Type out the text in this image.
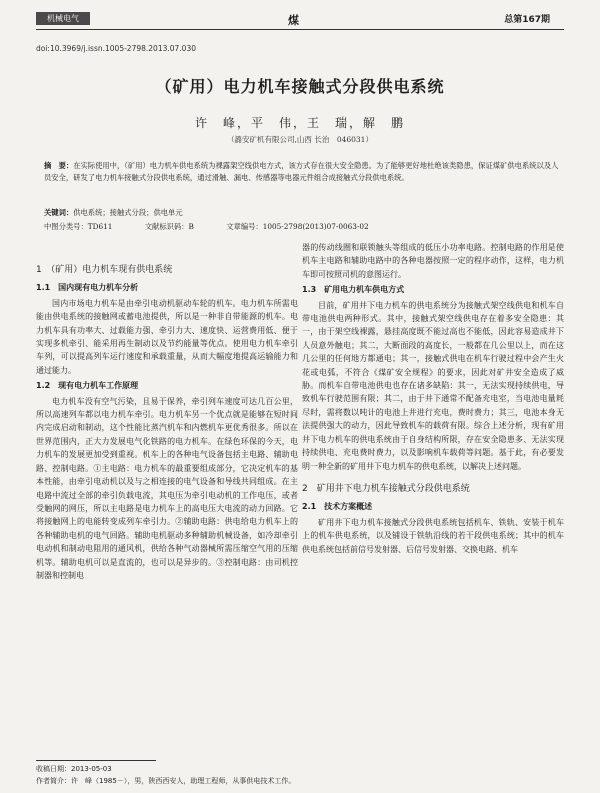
机械电气	煤	总第167期
doi:10.3969/j.issn.1005-2798.2013.07.030
（矿用）电力机车接触式分段供电系统
许　峰，平　伟，王　瑞，解　鹏
（潞安矿机有限公司,山西 长治　046031）
摘　要：在实际使用中，（矿用）电力机车供电系统为裸露架空线供电方式，该方式存在很大安全隐患。为了能够更好地杜绝该类隐患，保证煤矿供电系统以及人员安全，研发了电力机车接触式分段供电系统，通过滑触、漏电、传感器等电器元件组合成接触式分段供电系统。
关键词：供电系统；接触式分段；供电单元
中图分类号：TD611	文献标识码：B	文章编号：1005-2798(2013)07-0063-02
1　（矿用）电力机车现有供电系统
1.1　国内现有电力机车分析

国内市场电力机车是由牵引电动机驱动车轮的机车。电力机车所需电能由供电系统的接触网或蓄电池提供，所以是一种非自带能源的机车。电力机车具有功率大、过载能力强、牵引力大、速度快、运营费用低、便于实现多机牵引、能采用再生制动以及节约能量等优点。使用电力机车牵引车列，可以提高列车运行速度和承载重量，从而大幅度地提高运输能力和通过能力。

1.2　现有电力机车工作原理

电力机车没有空气污染，且易于保养，牵引列车速度可达几百公里，所以高速列车都以电力机车牵引。电力机车另一个优点就是能够在短时间内完成启动和制动，这个性能比蒸汽机车和内燃机车更优秀很多。所以在世界范围内，正大力发展电气化铁路的电力机车。在绿色环保的今天，电力机车的发展更加受到重视。机车上的各种电气设备包括主电路、辅助电路、控制电路。①主电路：电力机车的最重要组成部分，它决定机车的基本性能，由牵引电动机以及与之相连接的电气设备和导线共同组成。在主电路中流过全部的牵引负载电流，其电压为牵引电动机的工作电压，或者受触网的网压，所以主电路是电力机车上的高电压大电流的动力回路。它将接触网上的电能转变成列车牵引力。②辅助电路：供电给电力机车上的各种辅助电机的电气回路。辅助电机驱动多种辅助机械设备，如冷却牵引电动机和制动电阻用的通风机，供给各种气动器械所需压缩空气用的压缩机等。辅助电机可以是直流的，也可以是异步的。③控制电路：由司机控制器和控制电

器的传动线圈和联锁触头等组成的低压小功率电路。控制电路的作用是使机车主电路和辅助电路中的各种电器按照一定的程序动作，这样，电力机车即可按照司机的意图运行。

1.3　矿用电力机车供电方式

目前，矿用井下电力机车的供电系统分为接触式架空线供电和机车自带电池供电两种形式。其中，接触式架空线供电存在着多安全隐患：其一，由于架空线裸露，悬挂高度既不能过高也不能低，因此容易造成井下人员意外触电；其二，大断面段的高度长，一般都在几公里以上，而在这几公里的任何地方都通电；其一，接触式供电在机车行驶过程中会产生火花或电弧，不符合《煤矿安全规程》的要求，因此对矿井安全造成了威胁。而机车自带电池供电也存在诸多缺陷：其一，无法实现持续供电，导致机车行驶范围有限；其二，由于井下通常不配备充电室，当电池电量耗尽时，需将数以吨计的电池上井进行充电，费时费力；其三，电池本身无法提供强大的动力，因此导致机车的载荷有限。综合上述分析，现有矿用井下电力机车的供电系统由于自身结构所限，存在安全隐患多、无法实现持续供电、充电费时费力，以及影响机车载荷等问题。基于此，有必要发明一种全新的矿用井下电力机车的供电系统，以解决上述问题。

2　矿用井下电力机车接触式分段供电系统
2.1　技术方案概述

矿用井下电力机车接触式分段供电系统包括机车、铁轨、安装于机车上的机车供电系统，以及铺设于铁轨沿线的若干段供电系统；其中的机车供电系统包括前信号发射器、后信号发射器、交换电路、机车

收稿日期：2013-05-03
作者简介：许　峰（1985－），男，陕西西安人，助理工程师，从事供电技术工作。
